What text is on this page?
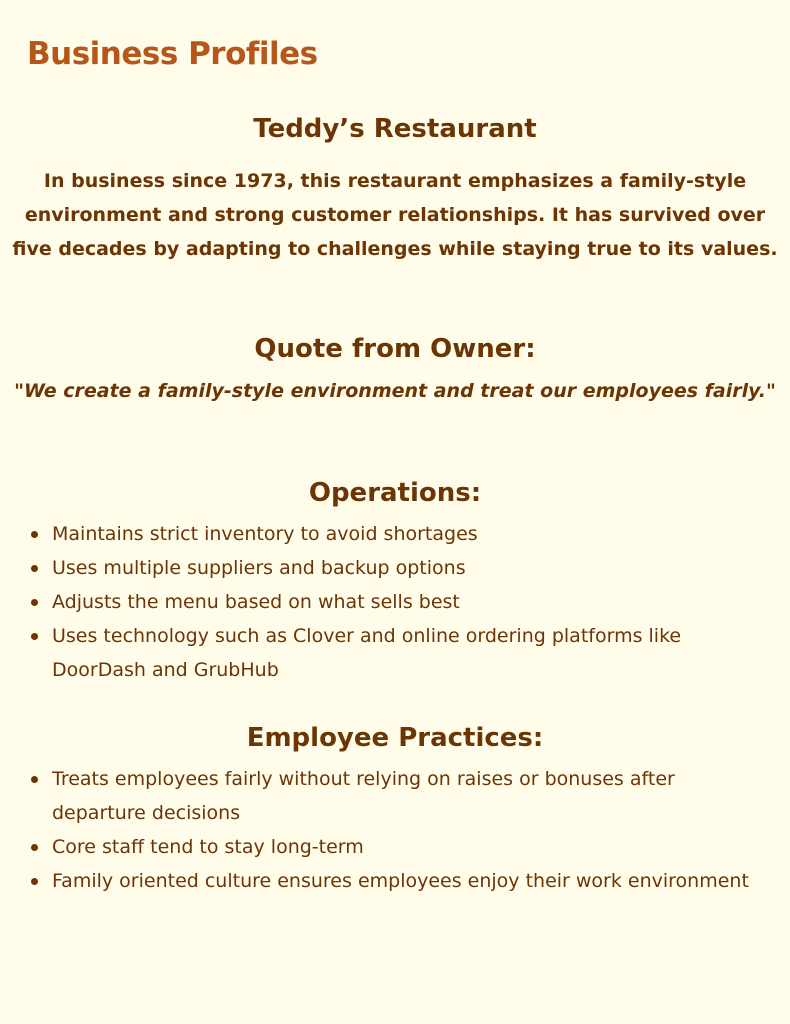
Business Profiles
Teddy’s Restaurant

In business since 1973, this restaurant emphasizes a family-style environment and strong customer relationships. It has survived over five decades by adapting to challenges while staying true to its values.

Quote from Owner:

"We create a family-style environment and treat our employees fairly."

Operations:
Maintains strict inventory to avoid shortages
Uses multiple suppliers and backup options
Adjusts the menu based on what sells best
Uses technology such as Clover and online ordering platforms like DoorDash and GrubHub
Employee Practices:
Treats employees fairly without relying on raises or bonuses after departure decisions
Core staff tend to stay long-term
Family oriented culture ensures employees enjoy their work environment
